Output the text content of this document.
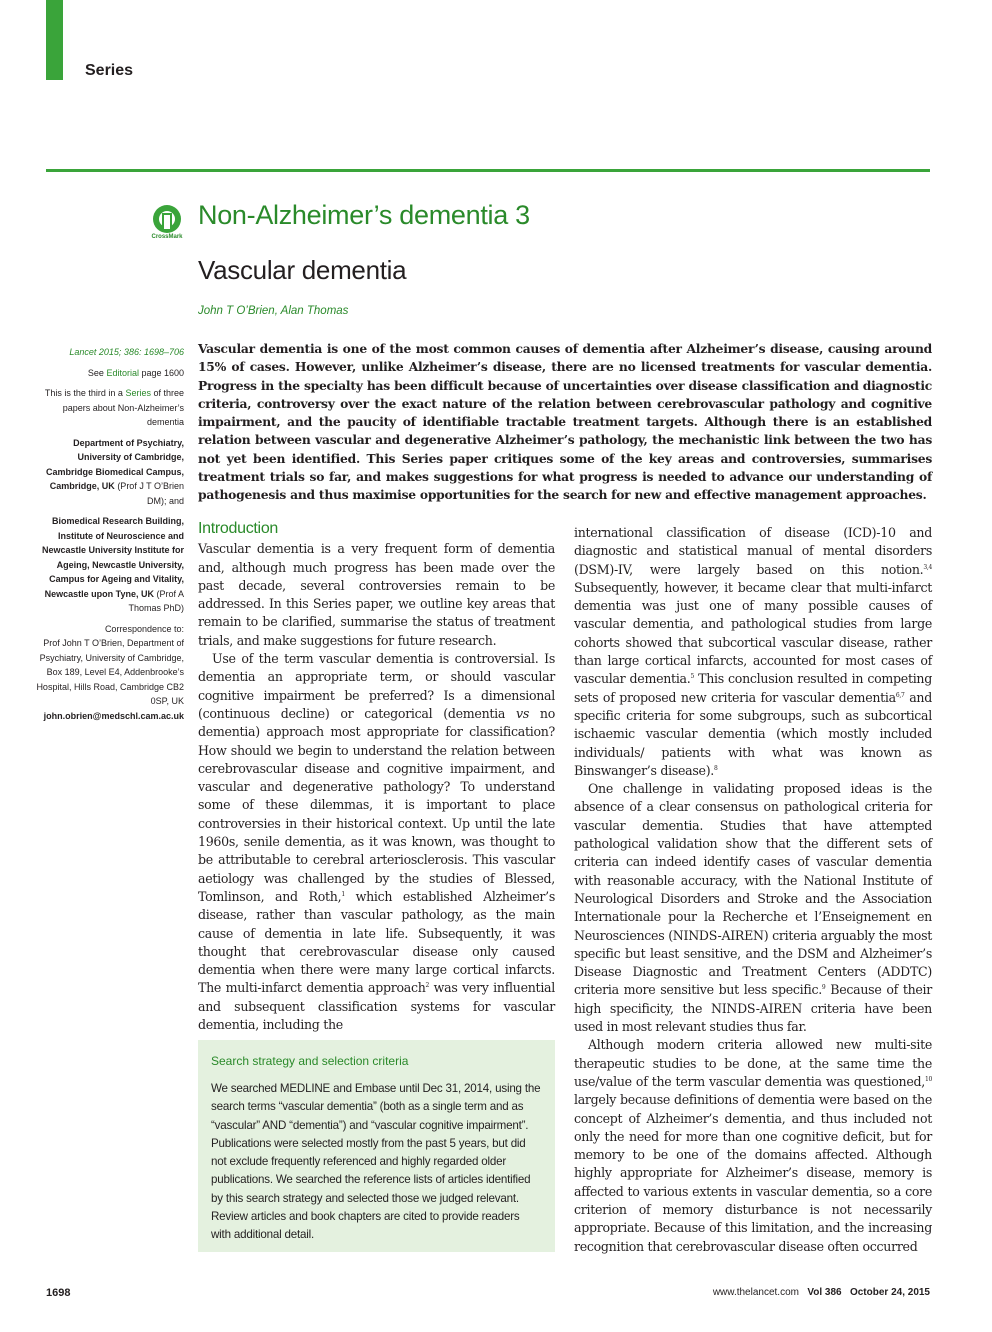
Series
CrossMark
Non-Alzheimer’s dementia 3
Vascular dementia
John T O’Brien, Alan Thomas

Lancet 2015; 386: 1698–706

See Editorial page 1600

This is the third in a Series of three papers about Non-Alzheimer’s dementia

Department of Psychiatry, University of Cambridge, Cambridge Biomedical Campus, Cambridge, UK (Prof J T O’Brien DM); and

Biomedical Research Building, Institute of Neuroscience and Newcastle University Institute for Ageing, Newcastle University, Campus for Ageing and Vitality, Newcastle upon Tyne, UK (Prof A Thomas PhD)

Correspondence to:
Prof John T O’Brien, Department of Psychiatry, University of Cambridge, Box 189, Level E4, Addenbrooke’s Hospital, Hills Road, Cambridge CB2 0SP, UK
john.obrien@medschl.cam.ac.uk

Vascular dementia is one of the most common causes of dementia after Alzheimer’s disease, causing around 15% of cases. However, unlike Alzheimer’s disease, there are no licensed treatments for vascular dementia. Progress in the specialty has been difficult because of uncertainties over disease classification and diagnostic criteria, controversy over the exact nature of the relation between cerebrovascular pathology and cognitive impairment, and the paucity of identifiable tractable treatment targets. Although there is an established relation between vascular and degenerative Alzheimer’s pathology, the mechanistic link between the two has not yet been identified. This Series paper critiques some of the key areas and controversies, summarises treatment trials so far, and makes suggestions for what progress is needed to advance our understanding of pathogenesis and thus maximise opportunities for the search for new and effective management approaches.

Introduction

Vascular dementia is a very frequent form of dementia and, although much progress has been made over the past decade, several controversies remain to be addressed. In this Series paper, we outline key areas that remain to be clarified, summarise the status of treatment trials, and make suggestions for future research.

Use of the term vascular dementia is controversial. Is dementia an appropriate term, or should vascular cognitive impairment be preferred? Is a dimensional (continuous decline) or categorical (dementia vs no dementia) approach most appropriate for classification? How should we begin to understand the relation between cerebrovascular disease and cognitive impairment, and vascular and degenerative pathology? To understand some of these dilemmas, it is important to place controversies in their historical context. Up until the late 1960s, senile dementia, as it was known, was thought to be attributable to cerebral arteriosclerosis. This vascular aetiology was challenged by the studies of Blessed, Tomlinson, and Roth,$^1$ which established Alzheimer’s disease, rather than vascular pathology, as the main cause of dementia in late life. Subsequently, it was thought that cerebrovascular disease only caused dementia when there were many large cortical infarcts. The multi-infarct dementia approach$^2$ was very influential and subsequent classification systems for vascular dementia, including the

Search strategy and selection criteria

We searched MEDLINE and Embase until Dec 31, 2014, using the search terms “vascular dementia” (both as a single term and as “vascular” AND “dementia”) and “vascular cognitive impairment”. Publications were selected mostly from the past 5 years, but did not exclude frequently referenced and highly regarded older publications. We searched the reference lists of articles identified by this search strategy and selected those we judged relevant. Review articles and book chapters are cited to provide readers with additional detail.

international classification of disease (ICD)-10 and diagnostic and statistical manual of mental disorders (DSM)-IV, were largely based on this notion.$^{3,4}$ Subsequently, however, it became clear that multi-infarct dementia was just one of many possible causes of vascular dementia, and pathological studies from large cohorts showed that subcortical vascular disease, rather than large cortical infarcts, accounted for most cases of vascular dementia.$^5$ This conclusion resulted in competing sets of proposed new criteria for vascular dementia$^{6,7}$ and specific criteria for some subgroups, such as subcortical ischaemic vascular dementia (which mostly included individuals/ patients with what was known as Binswanger’s disease).$^8$

One challenge in validating proposed ideas is the absence of a clear consensus on pathological criteria for vascular dementia. Studies that have attempted pathological validation show that the different sets of criteria can indeed identify cases of vascular dementia with reasonable accuracy, with the National Institute of Neurological Disorders and Stroke and the Association Internationale pour la Recherche et l’Enseignement en Neurosciences (NINDS-AIREN) criteria arguably the most specific but least sensitive, and the DSM and Alzheimer’s Disease Diagnostic and Treatment Centers (ADDTC) criteria more sensitive but less specific.$^9$ Because of their high specificity, the NINDS-AIREN criteria have been used in most relevant studies thus far.

Although modern criteria allowed new multi-site therapeutic studies to be done, at the same time the use/value of the term vascular dementia was questioned,$^{10}$ largely because definitions of dementia were based on the concept of Alzheimer’s dementia, and thus included not only the need for more than one cognitive deficit, but for memory to be one of the domains affected. Although highly appropriate for Alzheimer’s disease, memory is affected to various extents in vascular dementia, so a core criterion of memory disturbance is not necessarily appropriate. Because of this limitation, and the increasing recognition that cerebrovascular disease often occurred

1698	www.thelancet.com Vol 386 October 24, 2015
